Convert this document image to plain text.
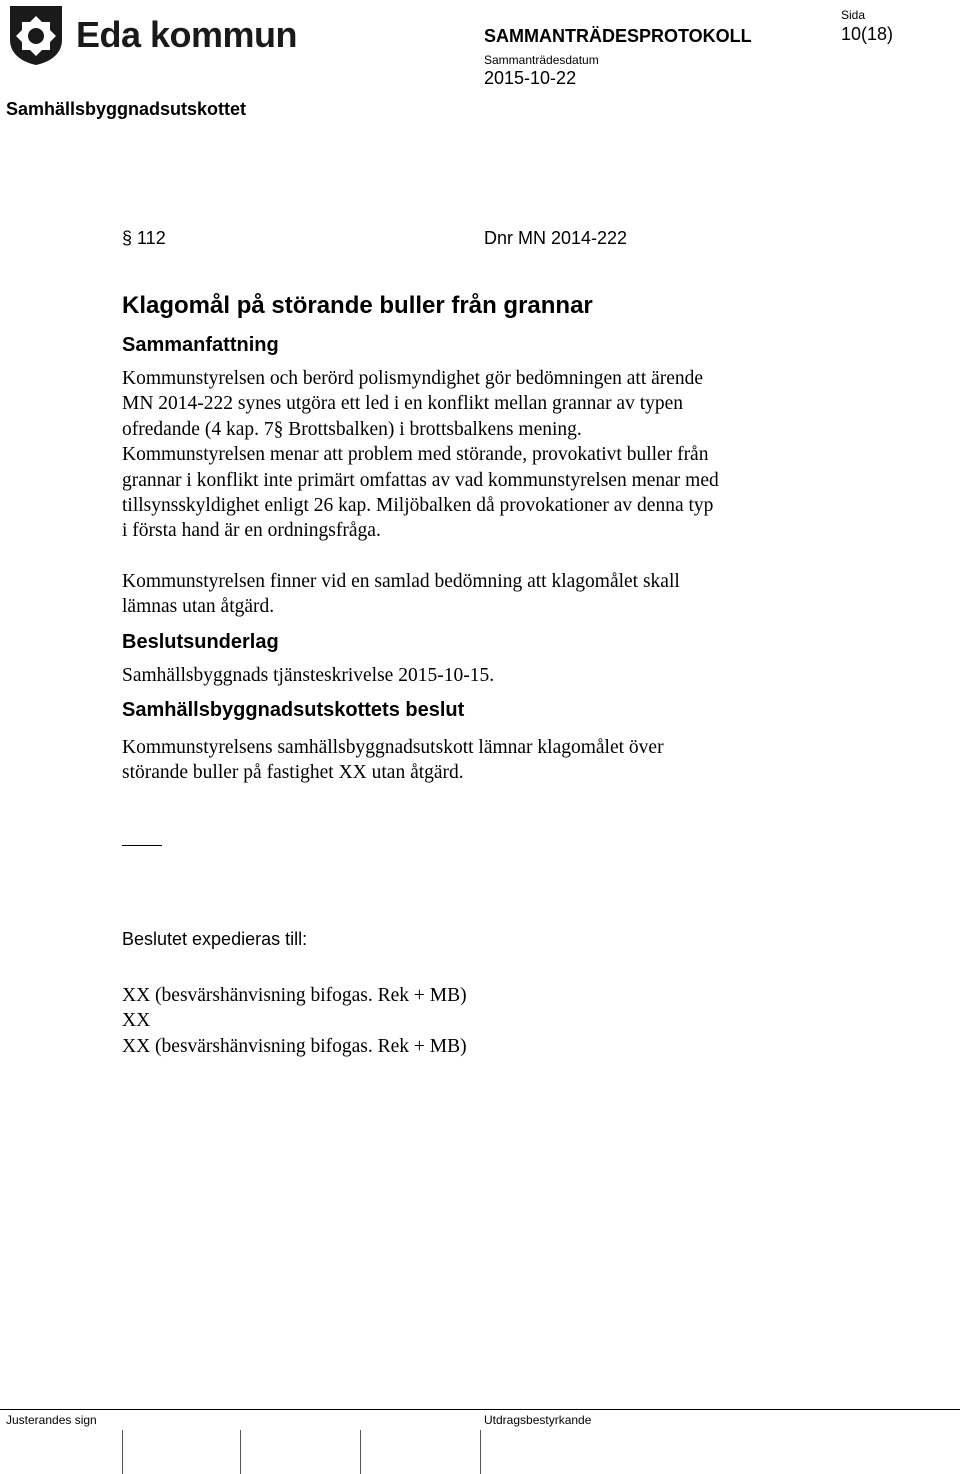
Eda kommun	SAMMANTRÄDESPROTOKOLL
Sammanträdesdatum
2015-10-22
Sida
10(18)
Samhällsbyggnadsutskottet
§ 112	Dnr MN 2014-222
Klagomål på störande buller från grannar
Sammanfattning
Kommunstyrelsen och berörd polismyndighet gör bedömningen att ärende
MN 2014-222 synes utgöra ett led i en konflikt mellan grannar av typen
ofredande (4 kap. 7§ Brottsbalken) i brottsbalkens mening.
Kommunstyrelsen menar att problem med störande, provokativt buller från
grannar i konflikt inte primärt omfattas av vad kommunstyrelsen menar med
tillsynsskyldighet enligt 26 kap. Miljöbalken då provokationer av denna typ
i första hand är en ordningsfråga.
Kommunstyrelsen finner vid en samlad bedömning att klagomålet skall
lämnas utan åtgärd.
Beslutsunderlag
Samhällsbyggnads tjänsteskrivelse 2015-10-15.
Samhällsbyggnadsutskottets beslut
Kommunstyrelsens samhällsbyggnadsutskott lämnar klagomålet över
störande buller på fastighet XX utan åtgärd.
Beslutet expedieras till:
XX (besvärshänvisning bifogas. Rek + MB)
XX
XX (besvärshänvisning bifogas. Rek + MB)
Justerandes sign	Utdragsbestyrkande
